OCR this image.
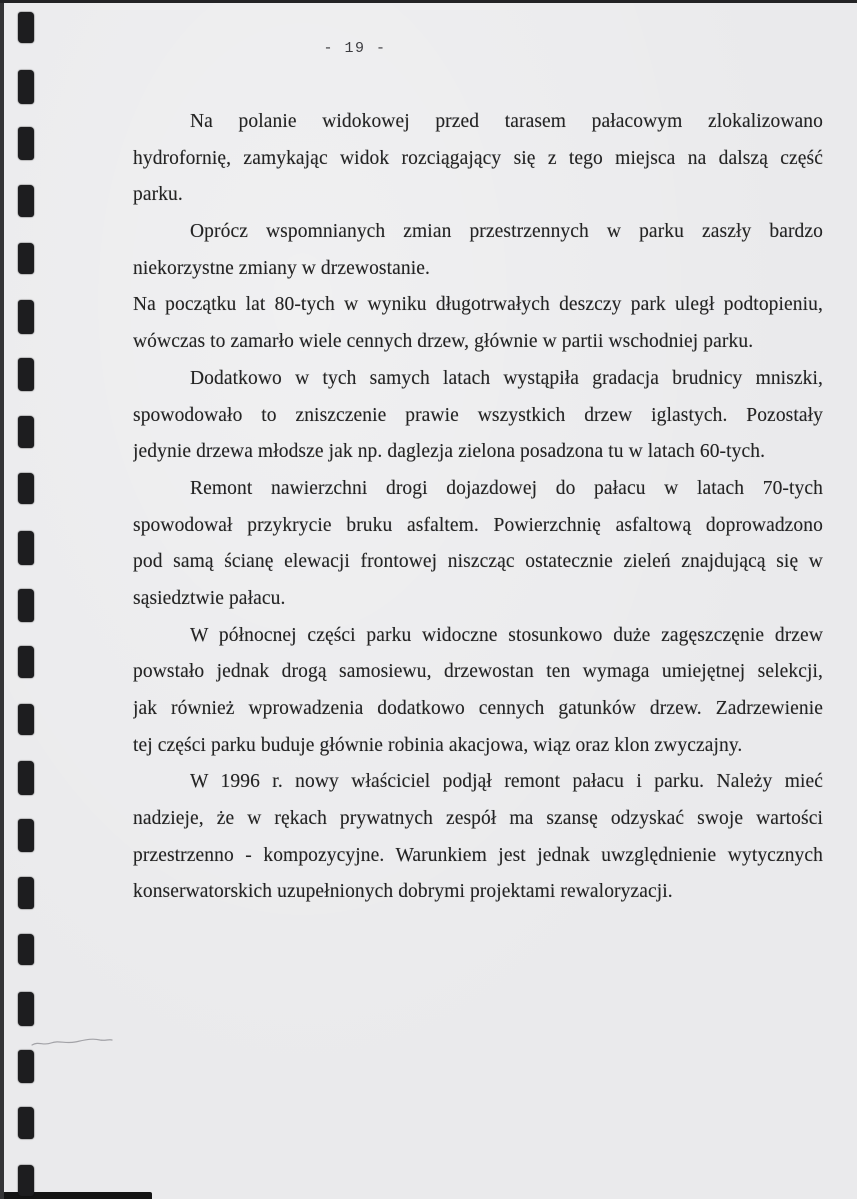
- 19 -
Na polanie widokowej przed tarasem pałacowym zlokalizowano
hydrofornię, zamykając widok rozciągający się z tego miejsca na dalszą część
parku.
Oprócz wspomnianych zmian przestrzennych w parku zaszły bardzo
niekorzystne zmiany w drzewostanie.
Na początku lat 80-tych w wyniku długotrwałych deszczy park uległ podtopieniu,
wówczas to zamarło wiele cennych drzew, głównie w partii wschodniej parku.
Dodatkowo w tych samych latach wystąpiła gradacja brudnicy mniszki,
spowodowało to zniszczenie prawie wszystkich drzew iglastych. Pozostały
jedynie drzewa młodsze jak np. daglezja zielona posadzona tu w latach 60-tych.
Remont nawierzchni drogi dojazdowej do pałacu w latach 70-tych
spowodował przykrycie bruku asfaltem. Powierzchnię asfaltową doprowadzono
pod samą ścianę elewacji frontowej niszcząc ostatecznie zieleń znajdującą się w
sąsiedztwie pałacu.
W północnej części parku widoczne stosunkowo duże zagęszczęnie drzew
powstało jednak drogą samosiewu, drzewostan ten wymaga umiejętnej selekcji,
jak również wprowadzenia dodatkowo cennych gatunków drzew. Zadrzewienie
tej części parku buduje głównie robinia akacjowa, wiąz oraz klon zwyczajny.
W 1996 r. nowy właściciel podjął remont pałacu i parku. Należy mieć
nadzieje, że w rękach prywatnych zespół ma szansę odzyskać swoje wartości
przestrzenno - kompozycyjne. Warunkiem jest jednak uwzględnienie wytycznych
konserwatorskich uzupełnionych dobrymi projektami rewaloryzacji.
